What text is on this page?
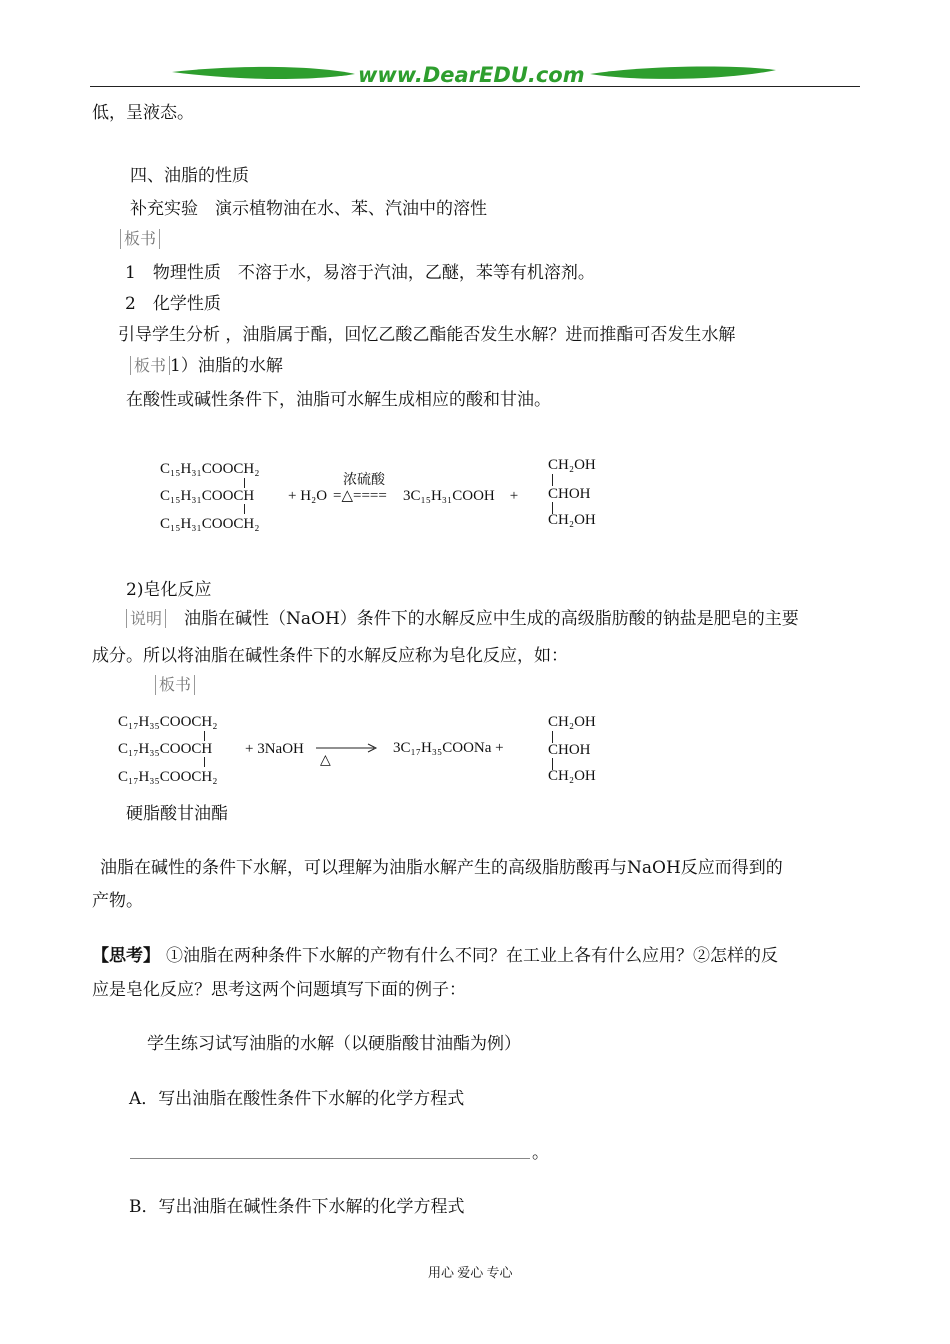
www.DearEDU.com
低，呈液态。
四、油脂的性质
补充实验　演示植物油在水、苯、汽油中的溶性
板书
1　物理性质　不溶于水，易溶于汽油，乙醚，苯等有机溶剂。
2　化学性质
引导学生分析 ，油脂属于酯，回忆乙酸乙酯能否发生水解？进而推酯可否发生水解
板书 1）油脂的水解
在酸性或碱性条件下，油脂可水解生成相应的酸和甘油。
C₁₅H₃₁COOCH₂
C₁₅H₃₁COOCH
C₁₅H₃₁COOCH₂
+ H₂O
浓硫酸
=△==== 3C₁₅H₃₁COOH　+
CH₂OH
CHOH
CH₂OH
2)皂化反应
说明 油脂在碱性（NaOH）条件下的水解反应中生成的高级脂肪酸的钠盐是肥皂的主要
成分。所以将油脂在碱性条件下的水解反应称为皂化反应，如：
板书
C₁₇H₃₅COOCH₂
C₁₇H₃₅COOCH
C₁₇H₃₅COOCH₂
+ 3NaOH →
△
3C₁₇H₃₅COONa +
CH₂OH
CHOH
CH₂OH
硬脂酸甘油酯
油脂在碱性的条件下水解，可以理解为油脂水解产生的高级脂肪酸再与NaOH反应而得到的
产物。
【思考】 ①油脂在两种条件下水解的产物有什么不同？在工业上各有什么应用？②怎样的反
应是皂化反应？思考这两个问题填写下面的例子：
学生练习试写油脂的水解（以硬脂酸甘油酯为例）
A．写出油脂在酸性条件下水解的化学方程式
。
B．写出油脂在碱性条件下水解的化学方程式
用心 爱心 专心
